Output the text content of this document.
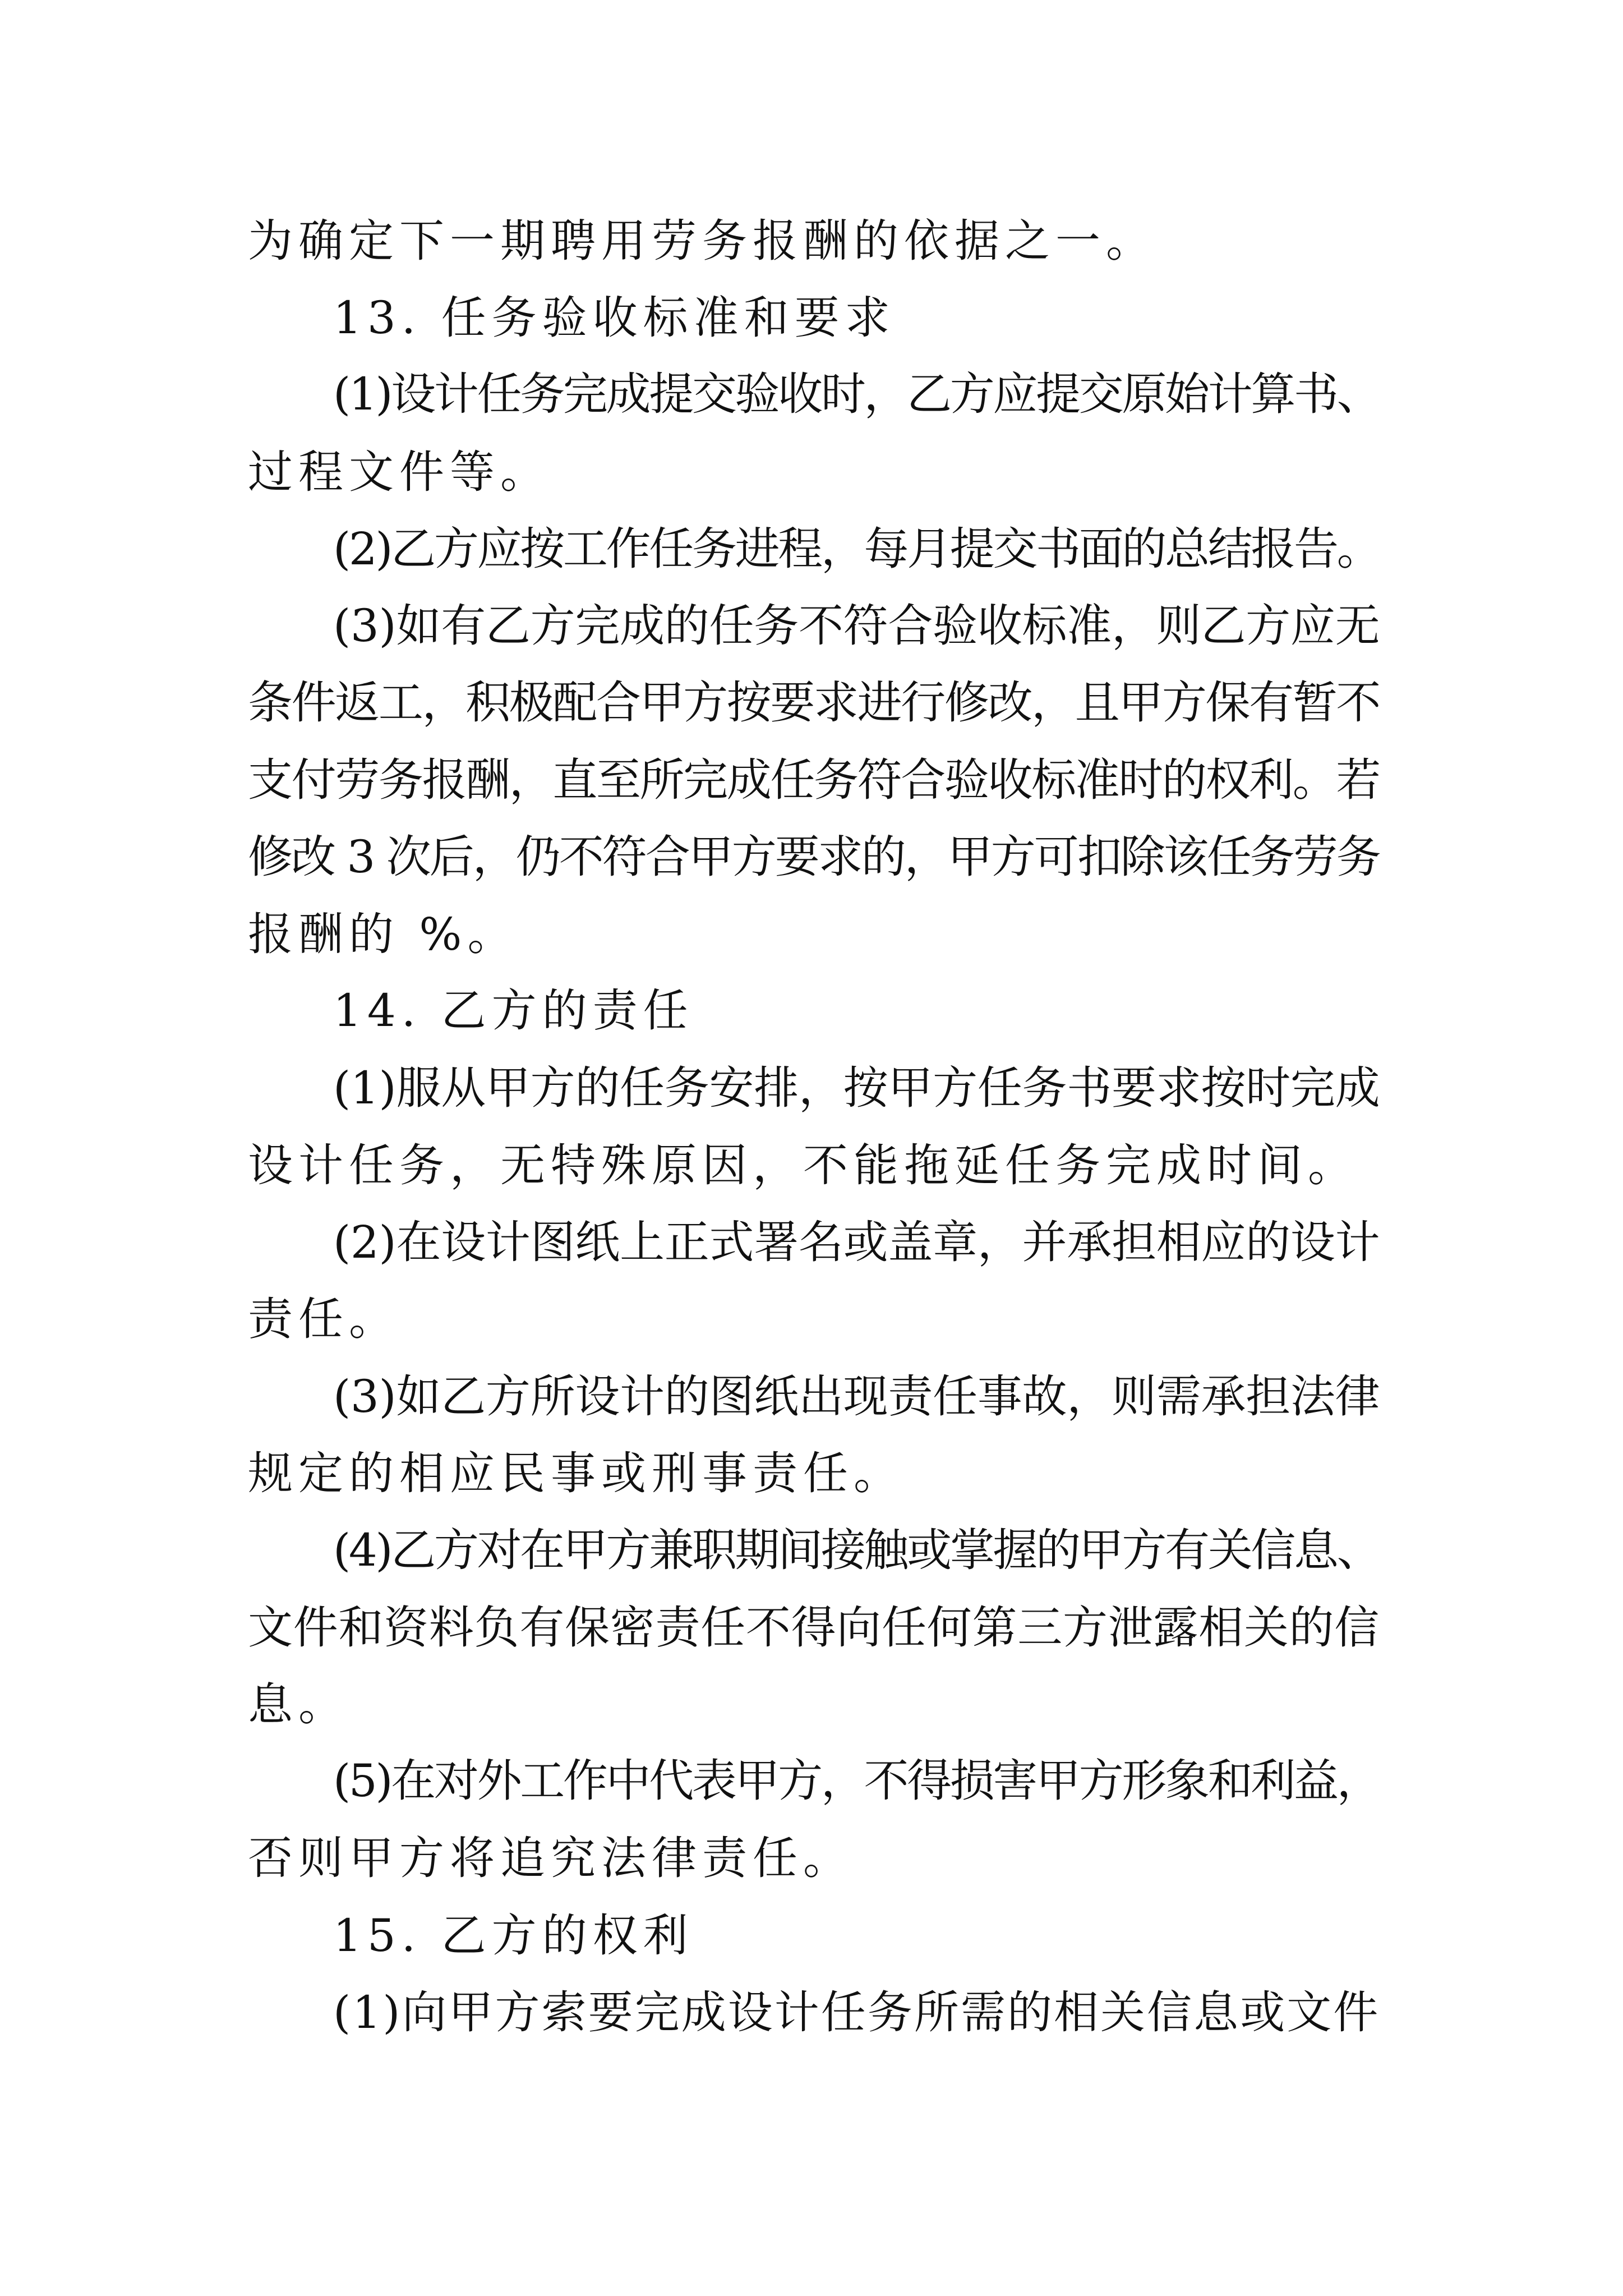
为确定下一期聘用劳务报酬的依据之一。
13. 任务验收标准和要求
(1)设计任务完成提交验收时，乙方应提交原始计算书、
过程文件等。
(2)乙方应按工作任务进程，每月提交书面的总结报告。
(3)如有乙方完成的任务不符合验收标准，则乙方应无
条件返工，积极配合甲方按要求进行修改，且甲方保有暂不
支付劳务报酬，直至所完成任务符合验收标准时的权利。若
修改 3 次后，仍不符合甲方要求的，甲方可扣除该任务劳务
报酬的 %。
14. 乙方的责任
(1)服从甲方的任务安排，按甲方任务书要求按时完成
设计任务，无特殊原因，不能拖延任务完成时间。
(2)在设计图纸上正式署名或盖章，并承担相应的设计
责任。
(3)如乙方所设计的图纸出现责任事故，则需承担法律
规定的相应民事或刑事责任。
(4)乙方对在甲方兼职期间接触或掌握的甲方有关信息、
文件和资料负有保密责任不得向任何第三方泄露相关的信
息。
(5)在对外工作中代表甲方，不得损害甲方形象和利益，
否则甲方将追究法律责任。
15. 乙方的权利
(1)向甲方索要完成设计任务所需的相关信息或文件
